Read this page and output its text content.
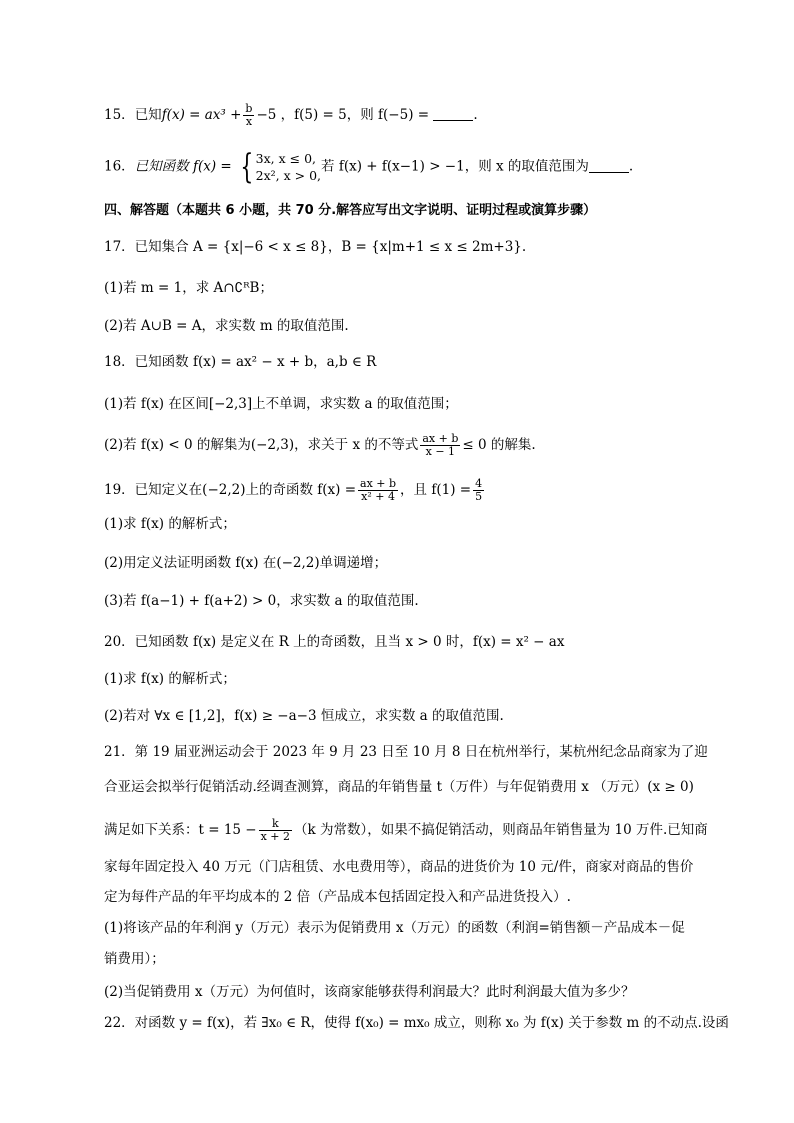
15．已知$f(x) = ax^3 + \frac{b}{x} -5$ ，f(5) = 5，则 f(−5) =	.
16．已知函数 f(x) = { 3x, x ≤ 0,
2x², x > 0,
若 f(x) + f(x−1) > −1，则 x 的取值范围为	.
四、解答题（本题共 6 小题，共 70 分.解答应写出文字说明、证明过程或演算步骤）
17．已知集合 A = {x|−6 < x ≤ 8}，B = {x|m+1 ≤ x ≤ 2m+3}.
(1)若 m = 1，求 A∩∁ᴿB；
(2)若 A∪B = A，求实数 m 的取值范围.
18．已知函数 f(x) = ax² − x + b，a,b ∈ R
(1)若 f(x) 在区间[−2,3]上不单调，求实数 a 的取值范围；
(2)若 f(x) < 0 的解集为(−2,3)，求关于 x 的不等式 $\frac{ax + b}{x - 1} \le 0$ 的解集.
19．已知定义在(−2,2)上的奇函数 $f(x) = \frac{ax + b}{\text{x² + 4}}$ ，且 $f(1) = \frac{4}{5}$
(1)求 f(x) 的解析式；
(2)用定义法证明函数 f(x) 在(−2,2)单调递增；
(3)若 f(a−1) + f(a+2) > 0，求实数 a 的取值范围.
20．已知函数 f(x) 是定义在 R 上的奇函数，且当 x > 0 时，f(x) = x² − ax
(1)求 f(x) 的解析式；
(2)若对 ∀x ∈ [1,2]，f(x) ≥ −a−3 恒成立，求实数 a 的取值范围.
21．第 19 届亚洲运动会于 2023 年 9 月 23 日至 10 月 8 日在杭州举行，某杭州纪念品商家为了迎
合亚运会拟举行促销活动.经调查测算，商品的年销售量 t（万件）与年促销费用 x （万元）(x ≥ 0)
满足如下关系：$t = 15 - \frac{k}{x + 2} (k$ 为常数），如果不搞促销活动，则商品年销售量为 10 万件.已知商
家每年固定投入 40 万元（门店租赁、水电费用等），商品的进货价为 10 元/件，商家对商品的售价
定为每件产品的年平均成本的 2 倍（产品成本包括固定投入和产品进货投入）.
(1)将该产品的年利润 y（万元）表示为促销费用 x（万元）的函数（利润=销售额－产品成本－促
销费用）；
(2)当促销费用 x（万元）为何值时，该商家能够获得利润最大？此时利润最大值为多少？
22．对函数 y = f(x)，若 ∃x₀ ∈ R，使得 f(x₀) = mx₀ 成立，则称 x₀ 为 f(x) 关于参数 m 的不动点.设函
